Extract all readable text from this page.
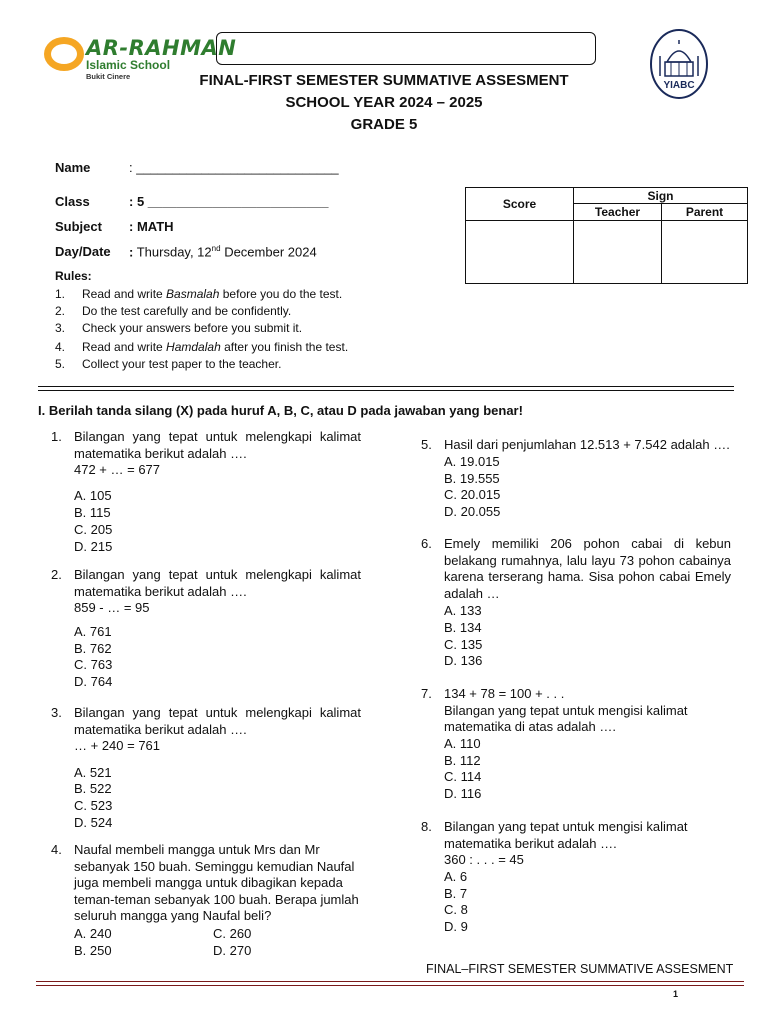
AR-RAHMAN
Islamic School
Bukit Cinere
YIABC
FINAL-FIRST SEMESTER SUMMATIVE ASSESMENT
SCHOOL YEAR 2024 – 2025
GRADE 5
Name	: ____________________________
Class	: 5 _________________________
Subject : MATH
Day/Date : Thursday, 12nd December 2024
Score	Sign	
	Teacher	Parent

Rules:
1. Read and write Basmalah before you do the test.
2. Do the test carefully and be confidently.
3. Check your answers before you submit it.
4. Read and write Hamdalah after you finish the test.
5. Collect your test paper to the teacher.
I. Berilah tanda silang (X) pada huruf A, B, C, atau D pada jawaban yang benar!
1. Bilangan yang tepat untuk melengkapi kalimat
matematika berikut adalah ….
472 + … = 677
A. 105
B. 115
C. 205
D. 215
2. Bilangan yang tepat untuk melengkapi kalimat
matematika berikut adalah ….
859 - … = 95
A. 761
B. 762
C. 763
D. 764
3. Bilangan yang tepat untuk melengkapi kalimat
matematika berikut adalah ….
… + 240 = 761
A. 521
B. 522
C. 523
D. 524
4. Naufal membeli mangga untuk Mrs dan Mr
sebanyak 150 buah. Seminggu kemudian Naufal
juga membeli mangga untuk dibagikan kepada
teman-teman sebanyak 100 buah. Berapa jumlah
seluruh mangga yang Naufal beli?
A. 240
B. 250
C. 260
D. 270
5. Hasil dari penjumlahan 12.513 + 7.542 adalah ….
A. 19.015
B. 19.555
C. 20.015
D. 20.055
6. Emely memiliki 206 pohon cabai di kebun
belakang rumahnya, lalu layu 73 pohon cabainya
karena terserang hama. Sisa pohon cabai Emely
adalah …
A. 133
B. 134
C. 135
D. 136
7. 134 + 78 = 100 + . . .
Bilangan yang tepat untuk mengisi kalimat
matematika di atas adalah ….
A. 110
B. 112
C. 114
D. 116
8. Bilangan yang tepat untuk mengisi kalimat
matematika berikut adalah ….
360 : . . . = 45
A. 6
B. 7
C. 8
D. 9
FINAL–FIRST SEMESTER SUMMATIVE ASSESMENT
1
